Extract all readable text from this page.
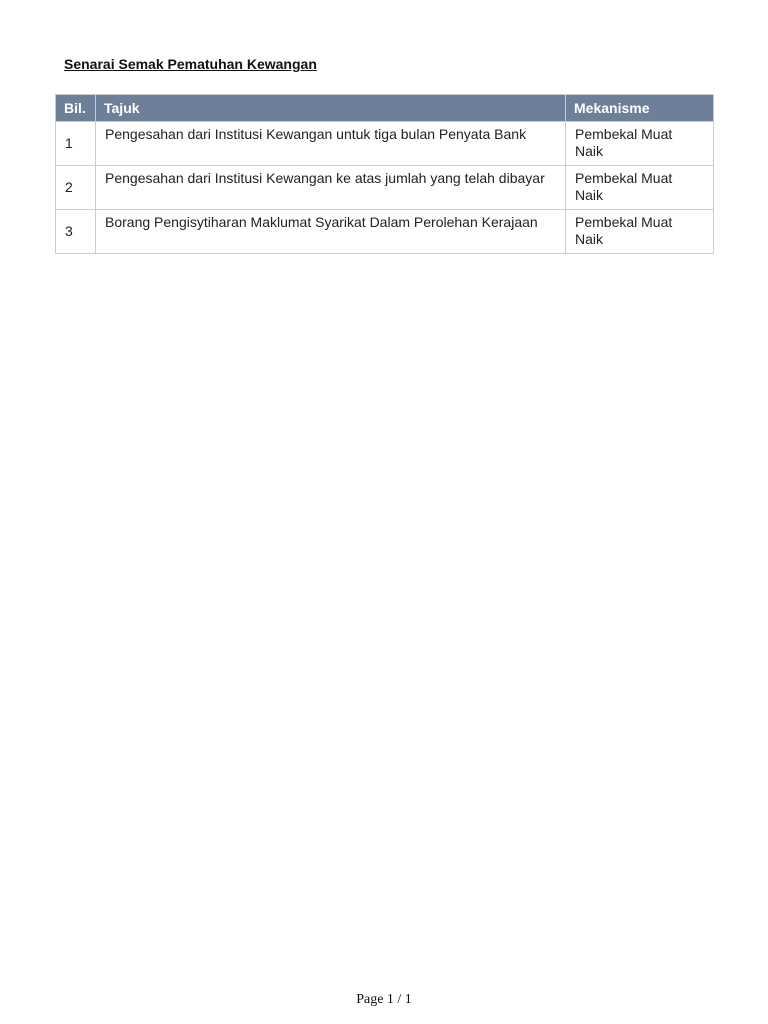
Senarai Semak Pematuhan Kewangan
Bil.	Tajuk	Mekanisme
1	Pengesahan dari Institusi Kewangan untuk tiga bulan Penyata Bank	Pembekal Muat Naik
2	Pengesahan dari Institusi Kewangan ke atas jumlah yang telah dibayar	Pembekal Muat Naik
3	Borang Pengisytiharan Maklumat Syarikat Dalam Perolehan Kerajaan	Pembekal Muat Naik
Page 1 / 1
